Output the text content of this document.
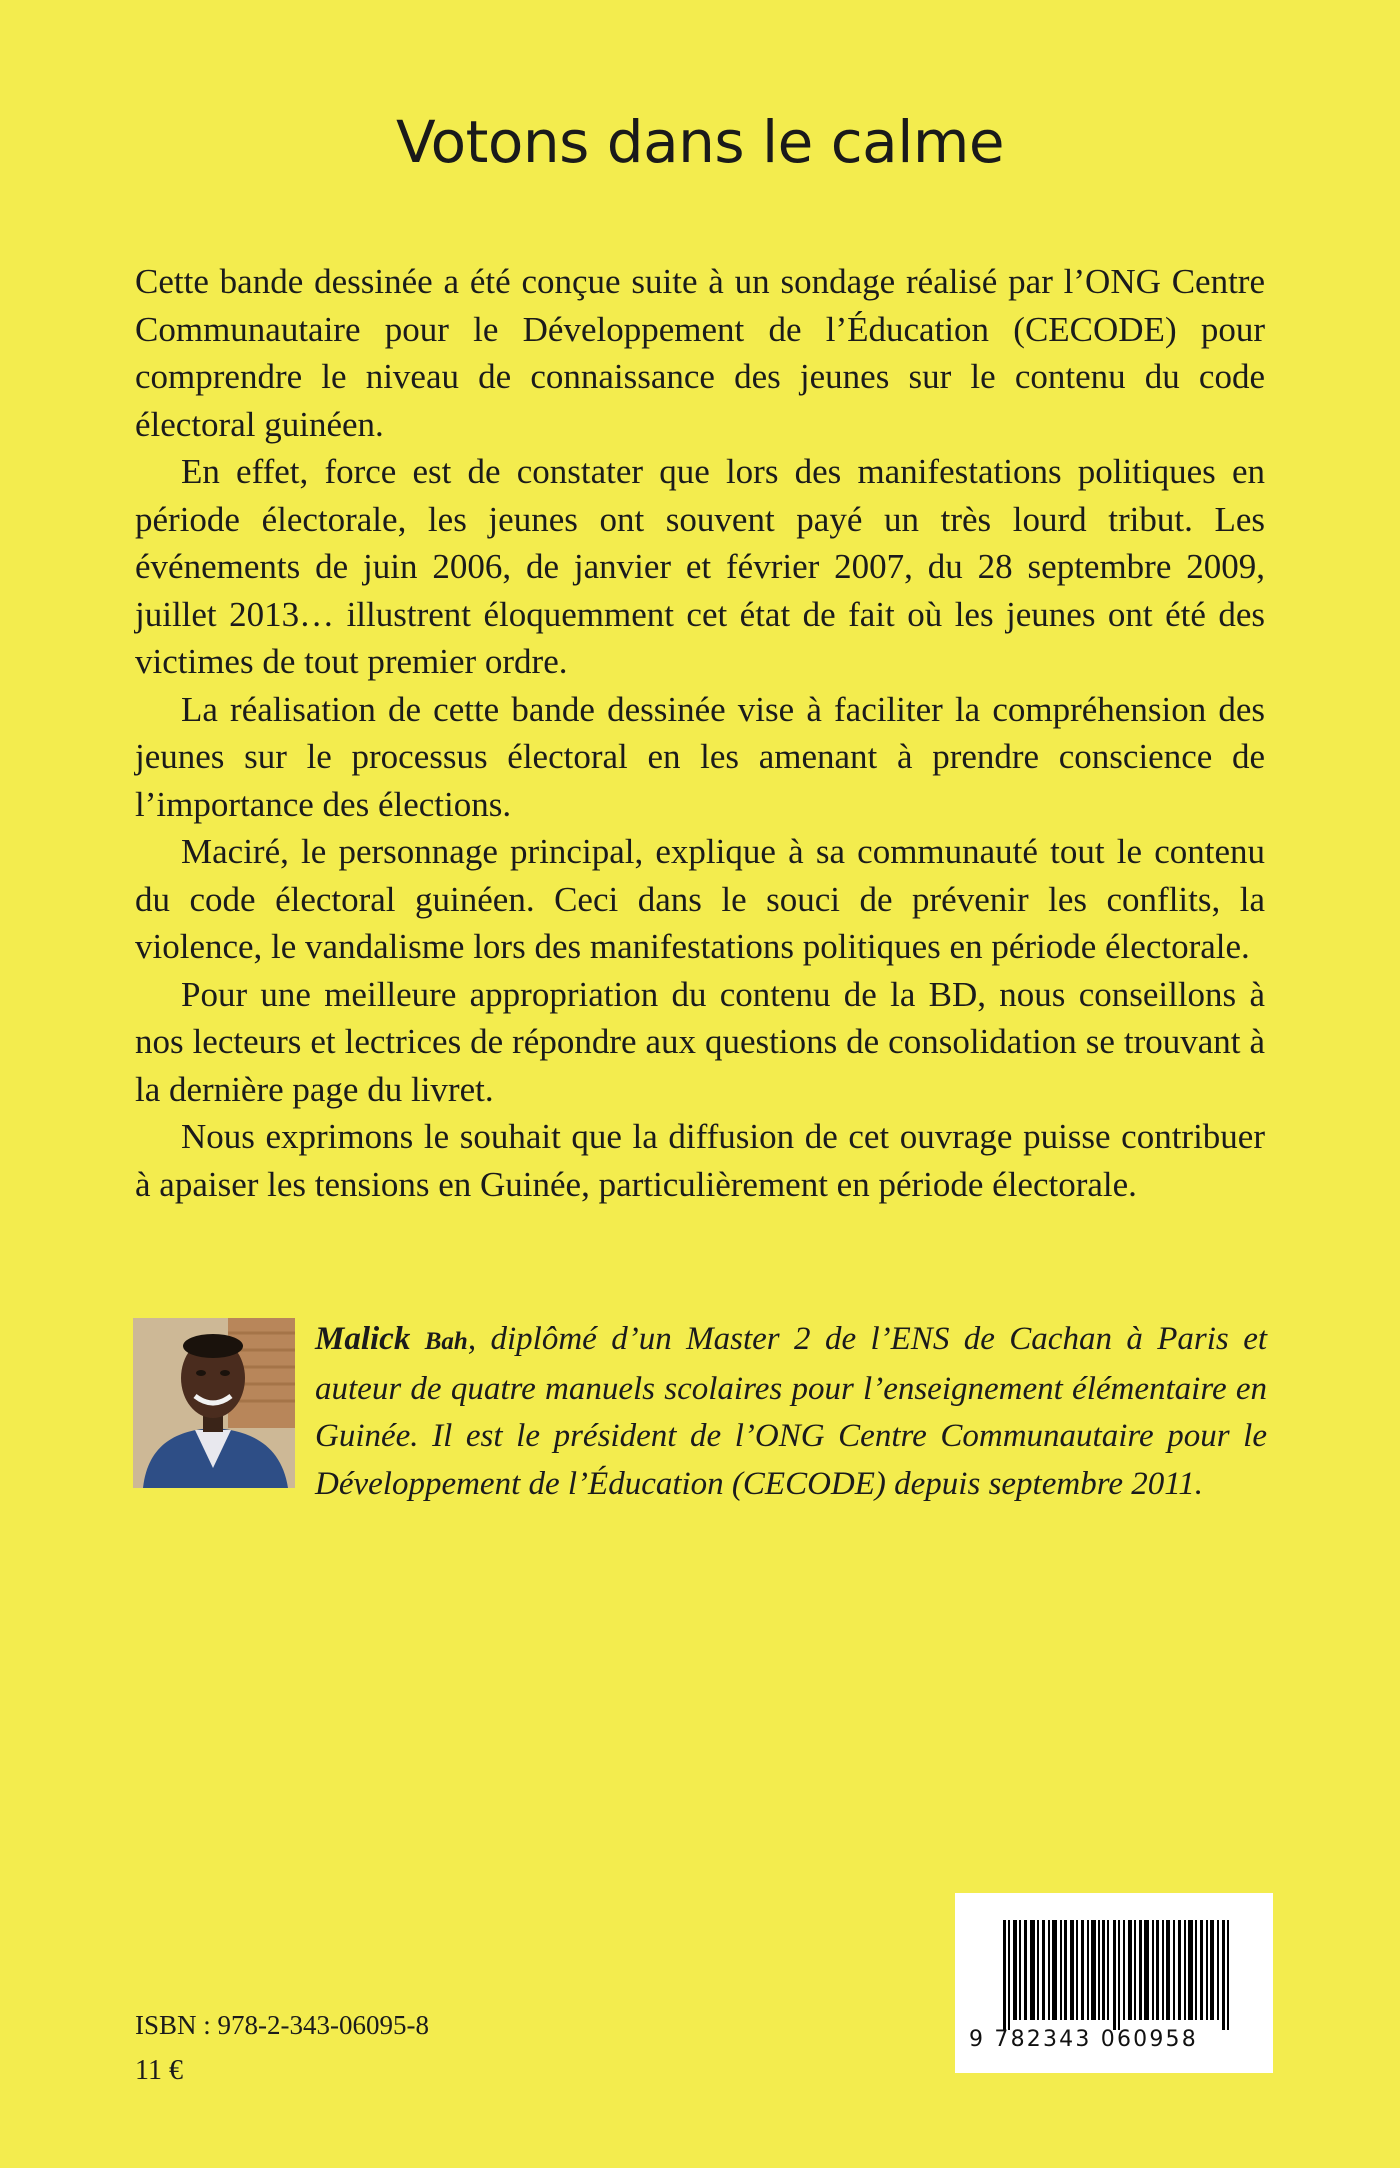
Votons dans le calme

Cette bande dessinée a été conçue suite à un sondage réalisé par l’ONG Centre Communautaire pour le Développement de l’Éducation (CECODE) pour comprendre le niveau de connaissance des jeunes sur le contenu du code électoral guinéen.

En effet, force est de constater que lors des manifestations politiques en période électorale, les jeunes ont souvent payé un très lourd tribut. Les événements de juin 2006, de janvier et février 2007, du 28 septembre 2009, juillet 2013… illustrent éloquemment cet état de fait où les jeunes ont été des victimes de tout premier ordre.

La réalisation de cette bande dessinée vise à faciliter la compréhension des jeunes sur le processus électoral en les amenant à prendre conscience de l’importance des élections.

Maciré, le personnage principal, explique à sa communauté tout le contenu du code électoral guinéen. Ceci dans le souci de prévenir les conflits, la violence, le vandalisme lors des manifestations politiques en période électorale.

Pour une meilleure appropriation du contenu de la BD, nous conseillons à nos lecteurs et lectrices de répondre aux questions de consolidation se trouvant à la dernière page du livret.

Nous exprimons le souhait que la diffusion de cet ouvrage puisse contribuer à apaiser les tensions en Guinée, particulièrement en période électorale.

Malick Bah, diplômé d’un Master 2 de l’ENS de Cachan à Paris et auteur de quatre manuels scolaires pour l’enseignement élémentaire en Guinée. Il est le président de l’ONG Centre Communautaire pour le Développement de l’Éducation (CECODE) depuis septembre 2011.
ISBN : 978-2-343-06095-8
11 €
9 782343 060958
